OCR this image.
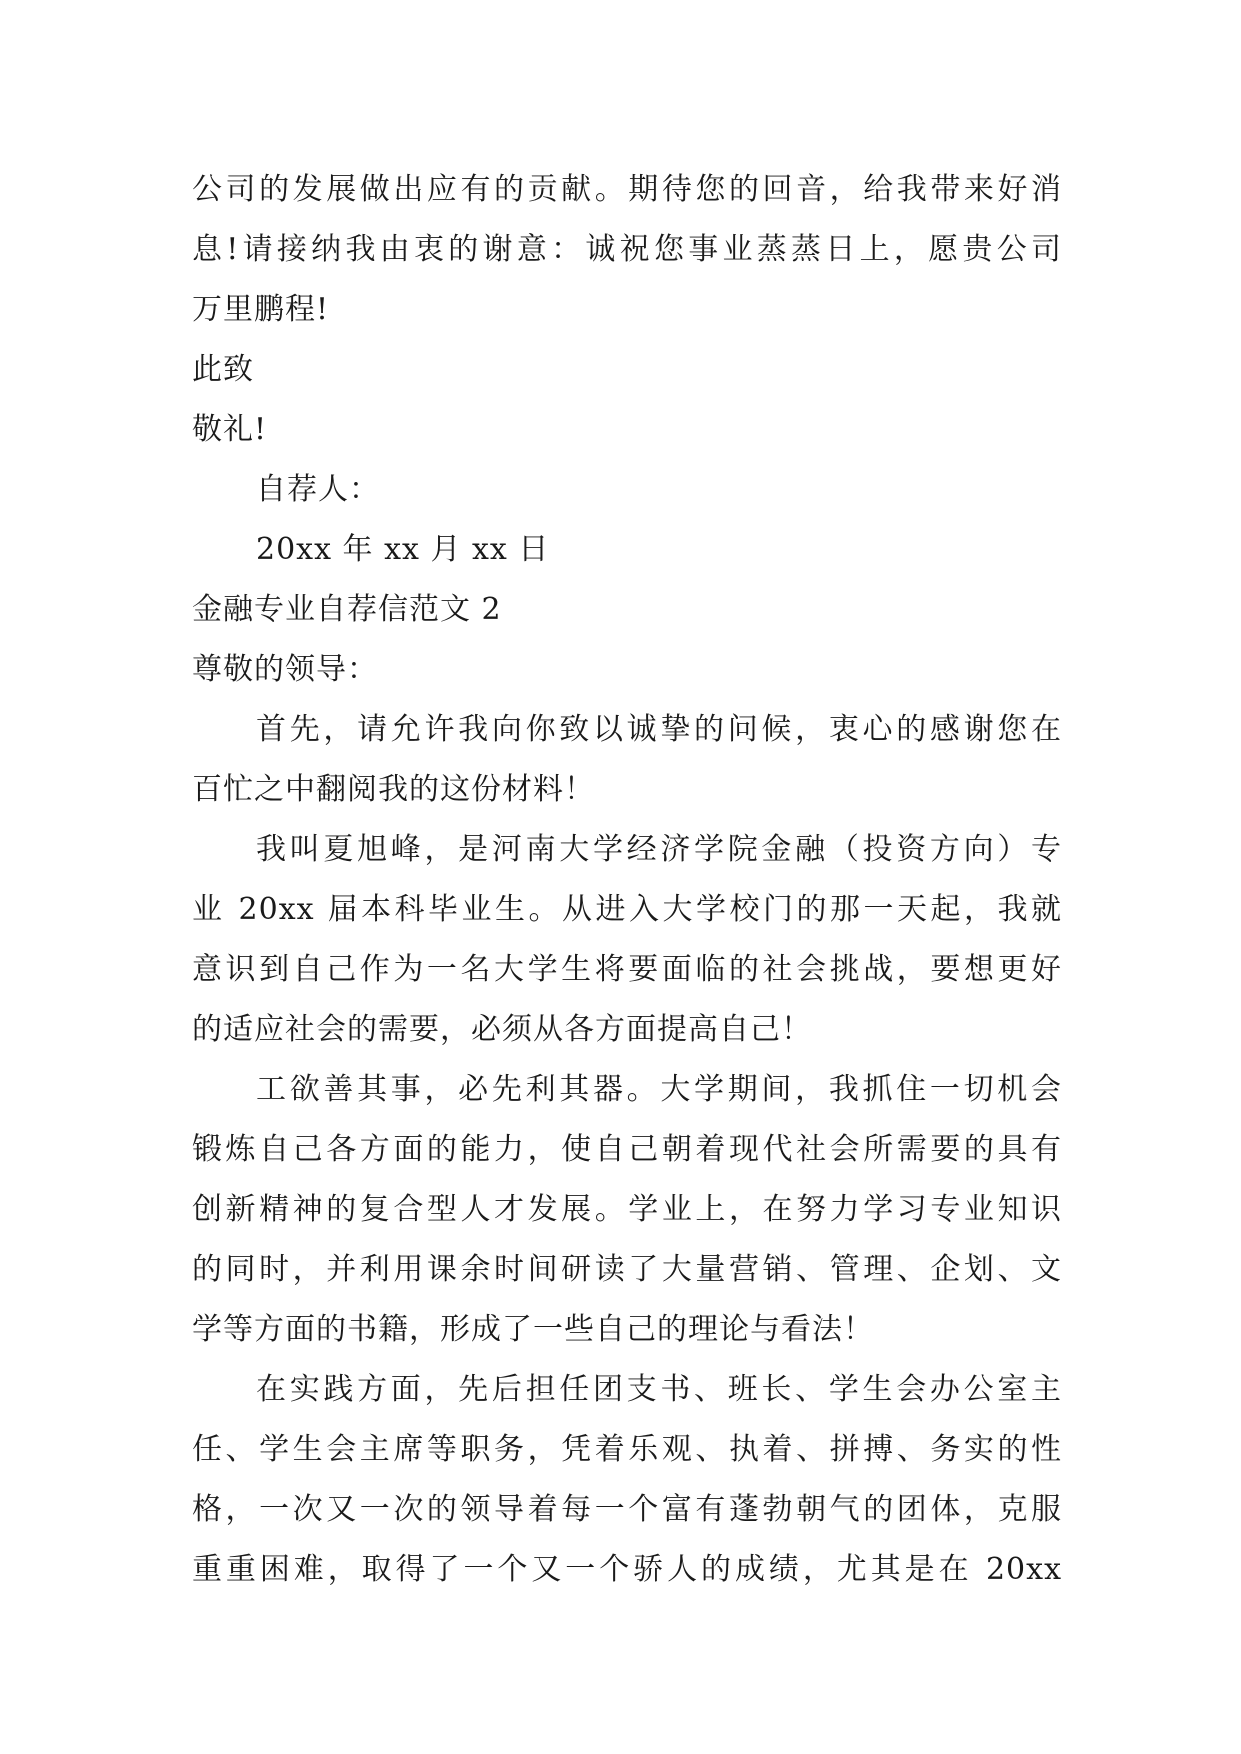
公司的发展做出应有的贡献。期待您的回音，给我带来好消
息!请接纳我由衷的谢意：诚祝您事业蒸蒸日上，愿贵公司
万里鹏程!
此致
敬礼!
自荐人：
20xx 年 xx 月 xx 日
金融专业自荐信范文 2
尊敬的领导：
首先，请允许我向你致以诚挚的问候，衷心的感谢您在
百忙之中翻阅我的这份材料！
我叫夏旭峰，是河南大学经济学院金融（投资方向）专
业 20xx 届本科毕业生。从进入大学校门的那一天起，我就
意识到自己作为一名大学生将要面临的社会挑战，要想更好
的适应社会的需要，必须从各方面提高自己！
工欲善其事，必先利其器。大学期间，我抓住一切机会
锻炼自己各方面的能力，使自己朝着现代社会所需要的具有
创新精神的复合型人才发展。学业上，在努力学习专业知识
的同时，并利用课余时间研读了大量营销、管理、企划、文
学等方面的书籍，形成了一些自己的理论与看法！
在实践方面，先后担任团支书、班长、学生会办公室主
任、学生会主席等职务，凭着乐观、执着、拼搏、务实的性
格，一次又一次的领导着每一个富有蓬勃朝气的团体，克服
重重困难，取得了一个又一个骄人的成绩，尤其是在 20xx
